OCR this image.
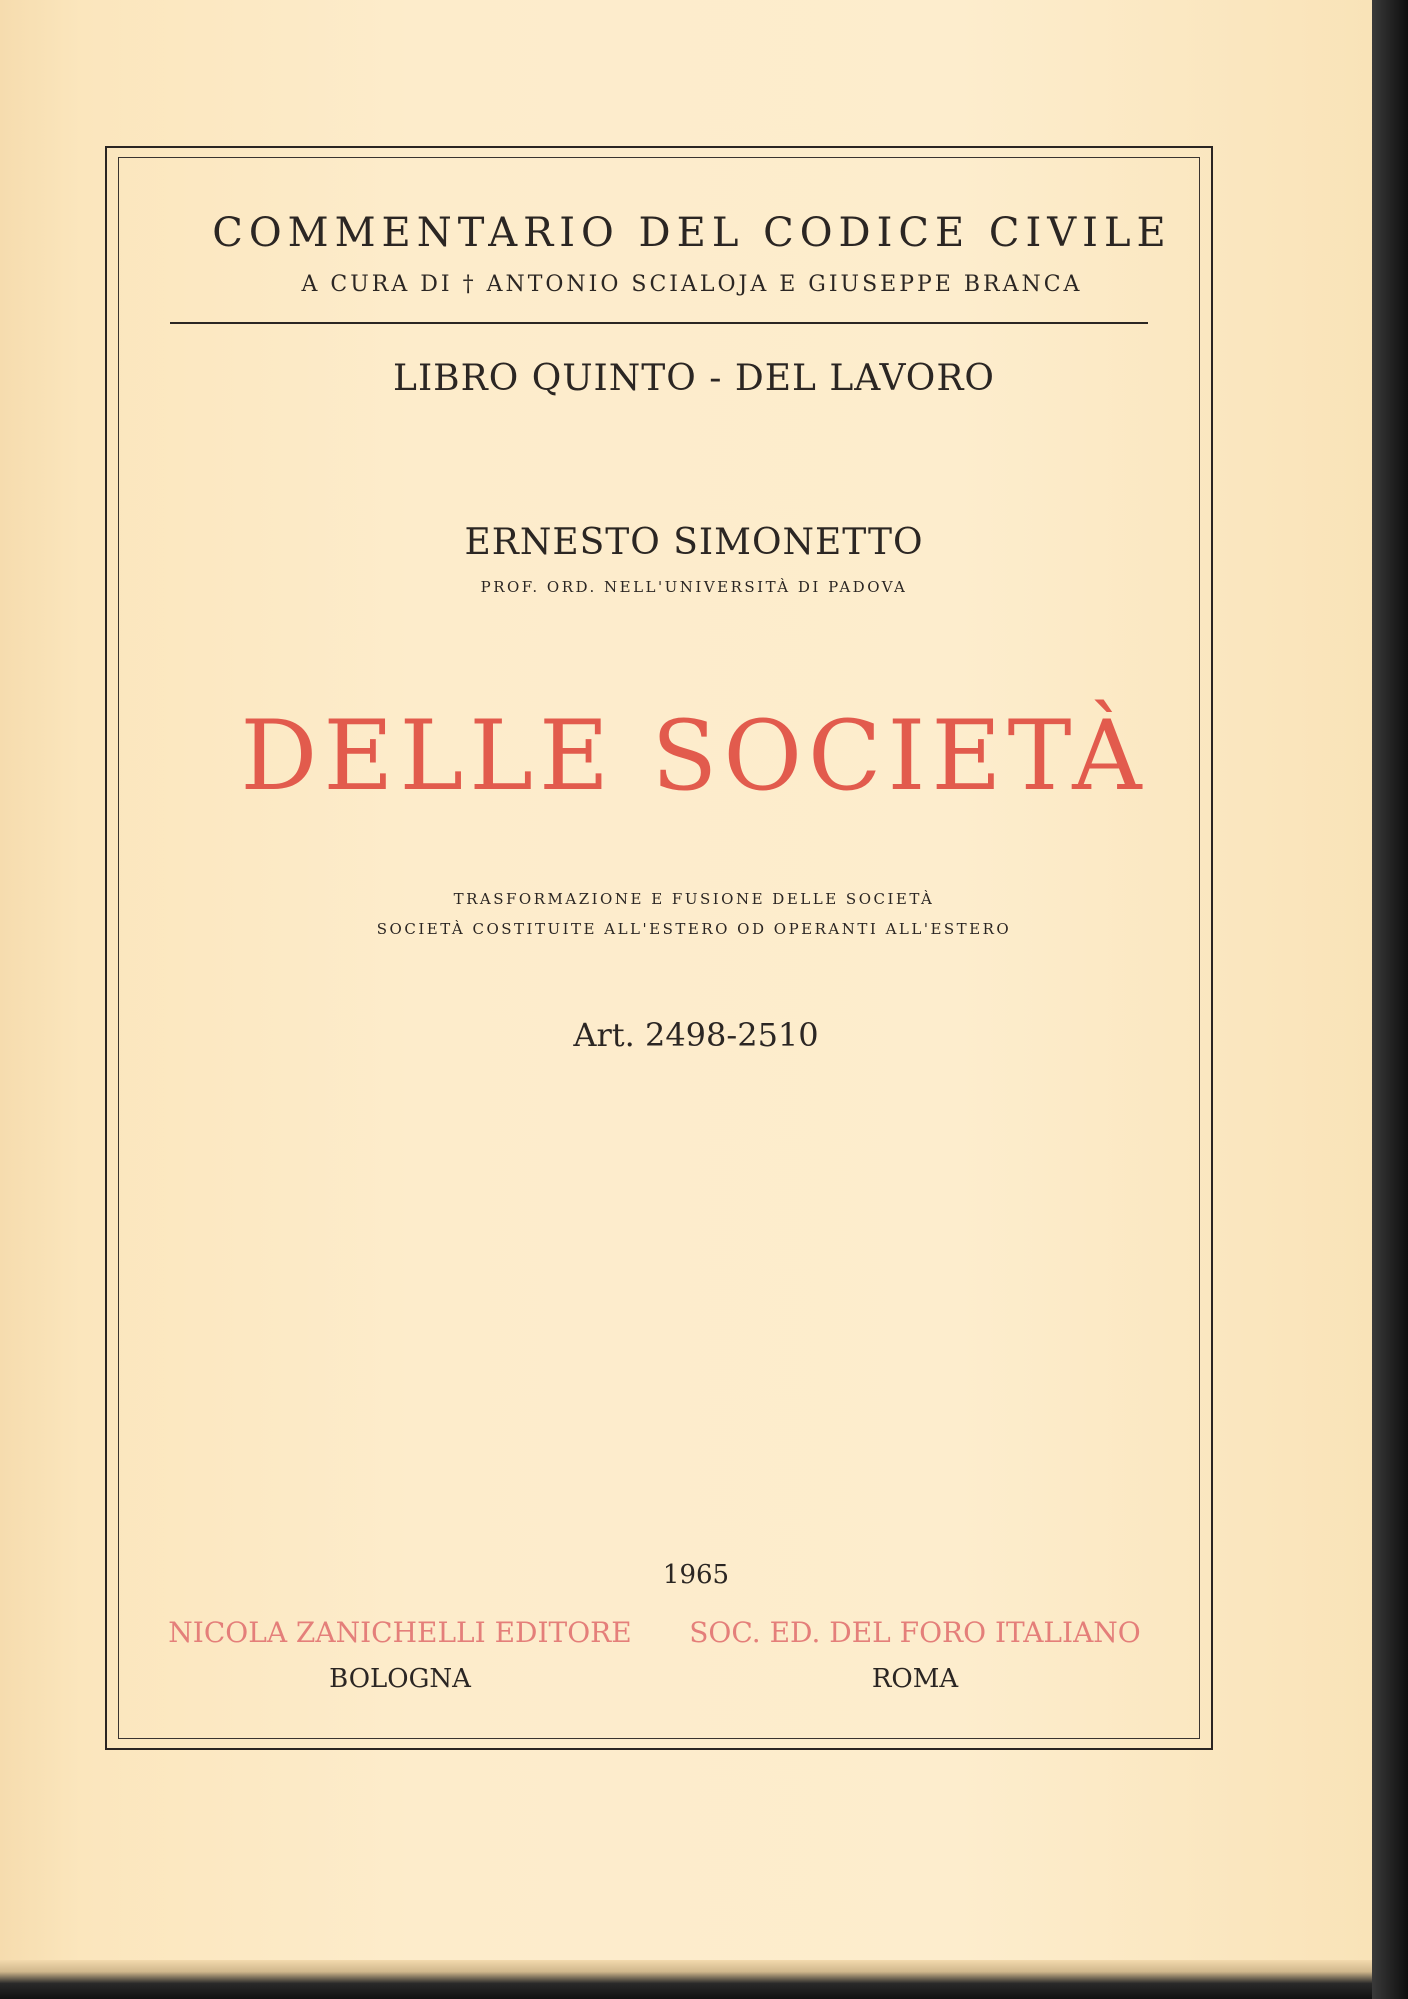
COMMENTARIO DEL CODICE CIVILE
A CURA DI † ANTONIO SCIALOJA E GIUSEPPE BRANCA
LIBRO QUINTO - DEL LAVORO
ERNESTO SIMONETTO
PROF. ORD. NELL'UNIVERSITÀ DI PADOVA
DELLE SOCIETÀ
TRASFORMAZIONE E FUSIONE DELLE SOCIETÀ
SOCIETÀ COSTITUITE ALL'ESTERO OD OPERANTI ALL'ESTERO
Art. 2498-2510
1965
NICOLA ZANICHELLI EDITORE
BOLOGNA
SOC. ED. DEL FORO ITALIANO
ROMA
